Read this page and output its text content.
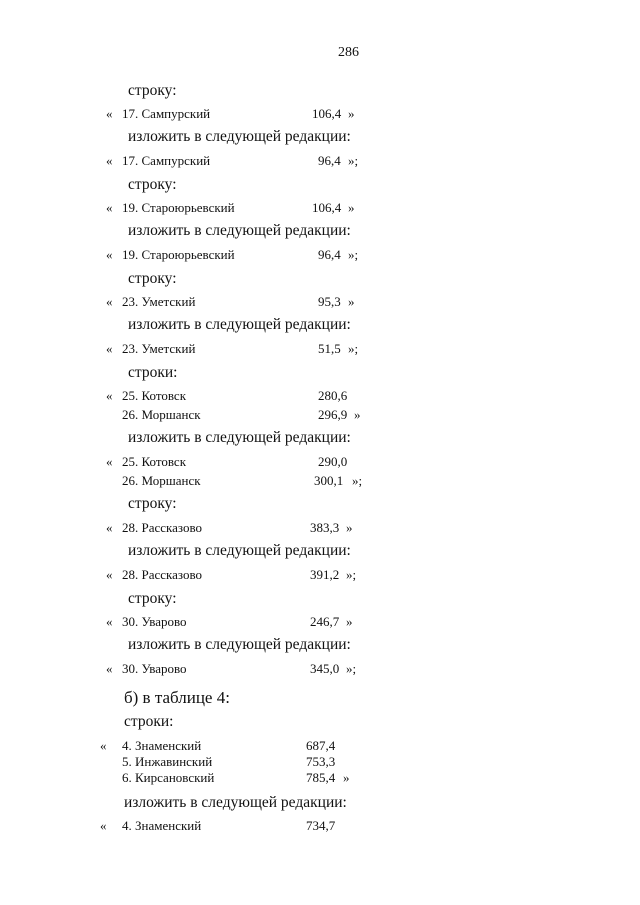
286
строку:
« 17. Сампурский	106,4 »
изложить в следующей редакции:
« 17. Сампурский	96,4 »;
строку:
« 19. Староюрьевский	106,4 »
изложить в следующей редакции:
« 19. Староюрьевский	96,4 »;
строку:
« 23. Уметский	95,3 »
изложить в следующей редакции:
« 23. Уметский	51,5 »;
строки:
« 25. Котовск	280,6
26. Моршанск	296,9 »
изложить в следующей редакции:
« 25. Котовск	290,0
26. Моршанск	300,1 »;
строку:
« 28. Рассказово	383,3 »
изложить в следующей редакции:
« 28. Рассказово	391,2 »;
строку:
« 30. Уварово	246,7 »
изложить в следующей редакции:
« 30. Уварово	345,0 »;
б) в таблице 4:
строки:
« 4. Знаменский	687,4
5. Инжавинский	753,3
6. Кирсановский	785,4 »
изложить в следующей редакции:
« 4. Знаменский	734,7
